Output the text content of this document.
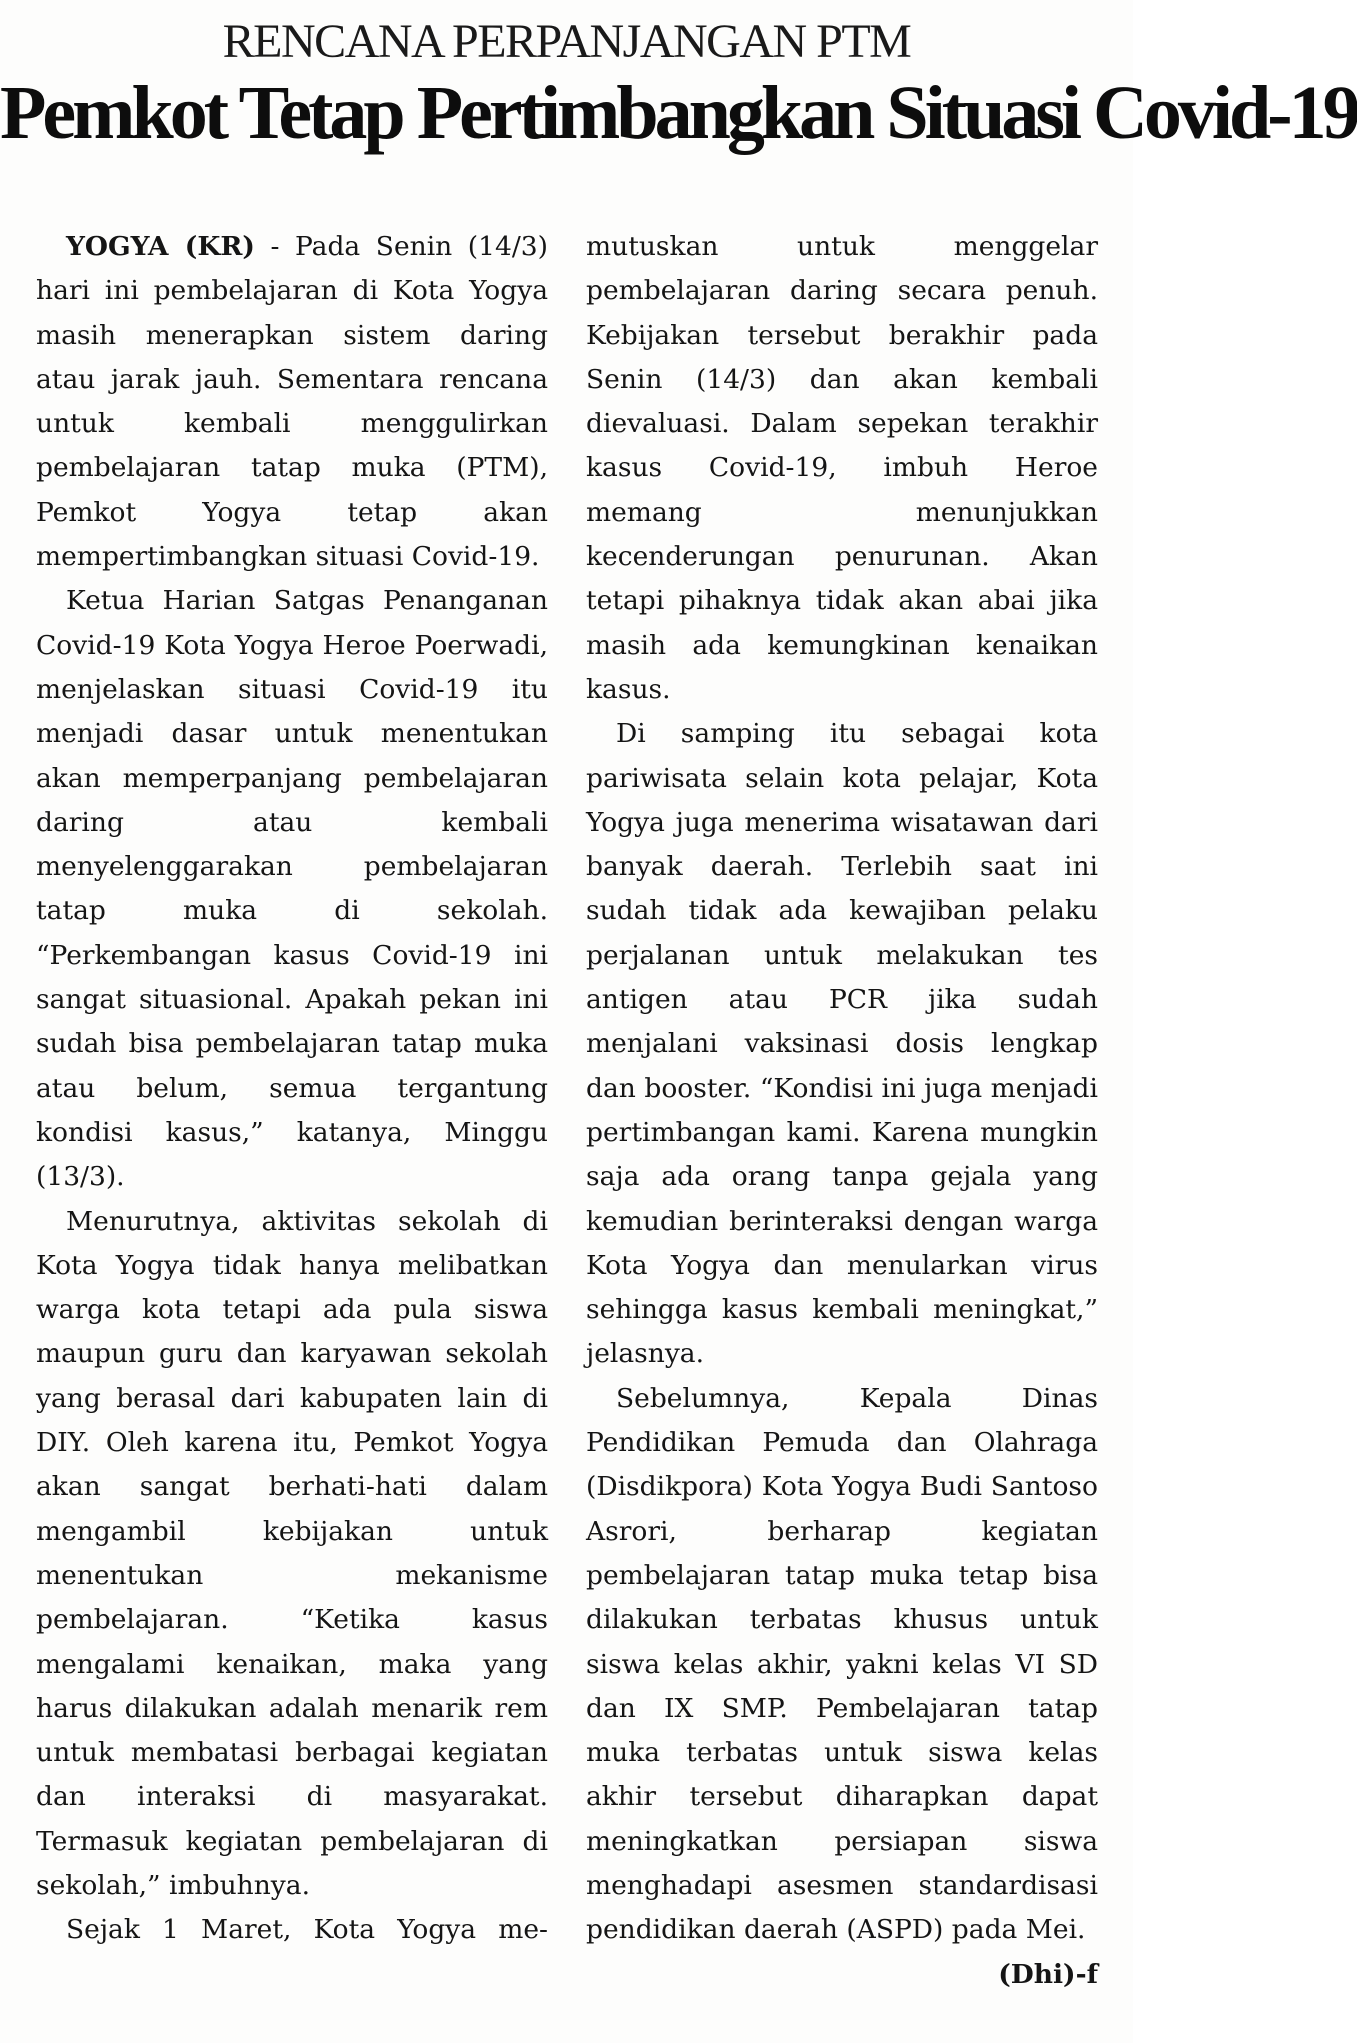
RENCANA PERPANJANGAN PTM
Pemkot Tetap Pertimbangkan Situasi Covid-19

YOGYA (KR) - Pada Senin (14/3) hari ini pembelajaran di Kota Yogya masih menerapkan sistem daring atau jarak jauh. Sementara rencana untuk kembali menggulirkan pembelajaran tatap muka (PTM), Pemkot Yogya tetap akan mempertimbangkan situasi Covid-19.

Ketua Harian Satgas Penanganan Covid-19 Kota Yogya Heroe Poerwadi, menjelaskan situasi Covid-19 itu menjadi dasar untuk menentukan akan memperpanjang pembelajaran daring atau kembali menyelenggarakan pembelajaran tatap muka di sekolah. “Perkembangan kasus Covid-19 ini sangat situasional. Apakah pekan ini sudah bisa pembelajaran tatap muka atau belum, semua tergantung kondisi kasus,” katanya, Minggu (13/3).

Menurutnya, aktivitas sekolah di Kota Yogya tidak hanya melibatkan warga kota tetapi ada pula siswa maupun guru dan karyawan sekolah yang berasal dari kabupaten lain di DIY. Oleh karena itu, Pemkot Yogya akan sangat berhati-hati dalam mengambil kebijakan untuk menentukan mekanisme pembelajaran. “Ketika kasus mengalami kenaikan, maka yang harus dilakukan adalah menarik rem untuk membatasi berbagai kegiatan dan interaksi di masyarakat. Termasuk kegiatan pembelajaran di sekolah,” imbuhnya.

Sejak 1 Maret, Kota Yogya me-

mutuskan untuk menggelar pembelajaran daring secara penuh. Kebijakan tersebut berakhir pada Senin (14/3) dan akan kembali dievaluasi. Dalam sepekan terakhir kasus Covid-19, imbuh Heroe memang menunjukkan kecenderungan penurunan. Akan tetapi pihaknya tidak akan abai jika masih ada kemungkinan kenaikan kasus.

Di samping itu sebagai kota pariwisata selain kota pelajar, Kota Yogya juga menerima wisatawan dari banyak daerah. Terlebih saat ini sudah tidak ada kewajiban pelaku perjalanan untuk melakukan tes antigen atau PCR jika sudah menjalani vaksinasi dosis lengkap dan booster. “Kondisi ini juga menjadi pertimbangan kami. Karena mungkin saja ada orang tanpa gejala yang kemudian berinteraksi dengan warga Kota Yogya dan menularkan virus sehingga kasus kembali meningkat,” jelasnya.

Sebelumnya, Kepala Dinas Pendidikan Pemuda dan Olahraga (Disdikpora) Kota Yogya Budi Santoso Asrori, berharap kegiatan pembelajaran tatap muka tetap bisa dilakukan terbatas khusus untuk siswa kelas akhir, yakni kelas VI SD dan IX SMP. Pembelajaran tatap muka terbatas untuk siswa kelas akhir tersebut diharapkan dapat meningkatkan persiapan siswa menghadapi asesmen standardisasi pendidikan daerah (ASPD) pada Mei.
(Dhi)-f
